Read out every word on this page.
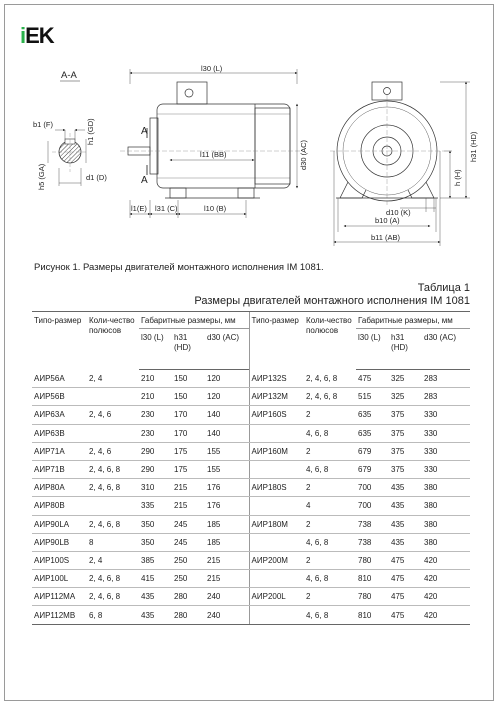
iEK
A-A
b1 (F)	h1 (GD)
h5 (GA)	d1 (D)
A
A
l30 (L)
l11 (BB)	d30 (AC)
l1(E) l31 (C)	l10 (B)
h31 (HD)
h (H)
d10 (K)
b10 (A)
b11 (AB)
Рисунок 1. Размеры двигателей монтажного исполнения IM 1081.
Таблица 1
Размеры двигателей монтажного исполнения IM 1081
Типо-размер	Коли-чество полюсов	Габаритные размеры, мм			Типо-размер	Коли-чество полюсов	Габаритные размеры, мм		
		l30 (L)	h31 (HD)	d30 (AC)			l30 (L)	h31 (HD)	d30 (AC)
АИР56А	2, 4	210	150	120	АИР132S	2, 4, 6, 8	475	325	283
АИР56В		210	150	120	АИР132M	2, 4, 6, 8	515	325	283
АИР63А	2, 4, 6	230	170	140	АИР160S	2	635	375	330
АИР63В		230	170	140		4, 6, 8	635	375	330
АИР71А	2, 4, 6	290	175	155	АИР160M	2	679	375	330
АИР71В	2, 4, 6, 8	290	175	155		4, 6, 8	679	375	330
АИР80А	2, 4, 6, 8	310	215	176	АИР180S	2	700	435	380
АИР80В		335	215	176		4	700	435	380
АИР90LA	2, 4, 6, 8	350	245	185	АИР180M	2	738	435	380
АИР90LB	8	350	245	185		4, 6, 8	738	435	380
АИР100S	2, 4	385	250	215	АИР200M	2	780	475	420
АИР100L	2, 4, 6, 8	415	250	215		4, 6, 8	810	475	420
АИР112MA	2, 4, 6, 8	435	280	240	АИР200L	2	780	475	420
АИР112MB	6, 8	435	280	240		4, 6, 8	810	475	420
